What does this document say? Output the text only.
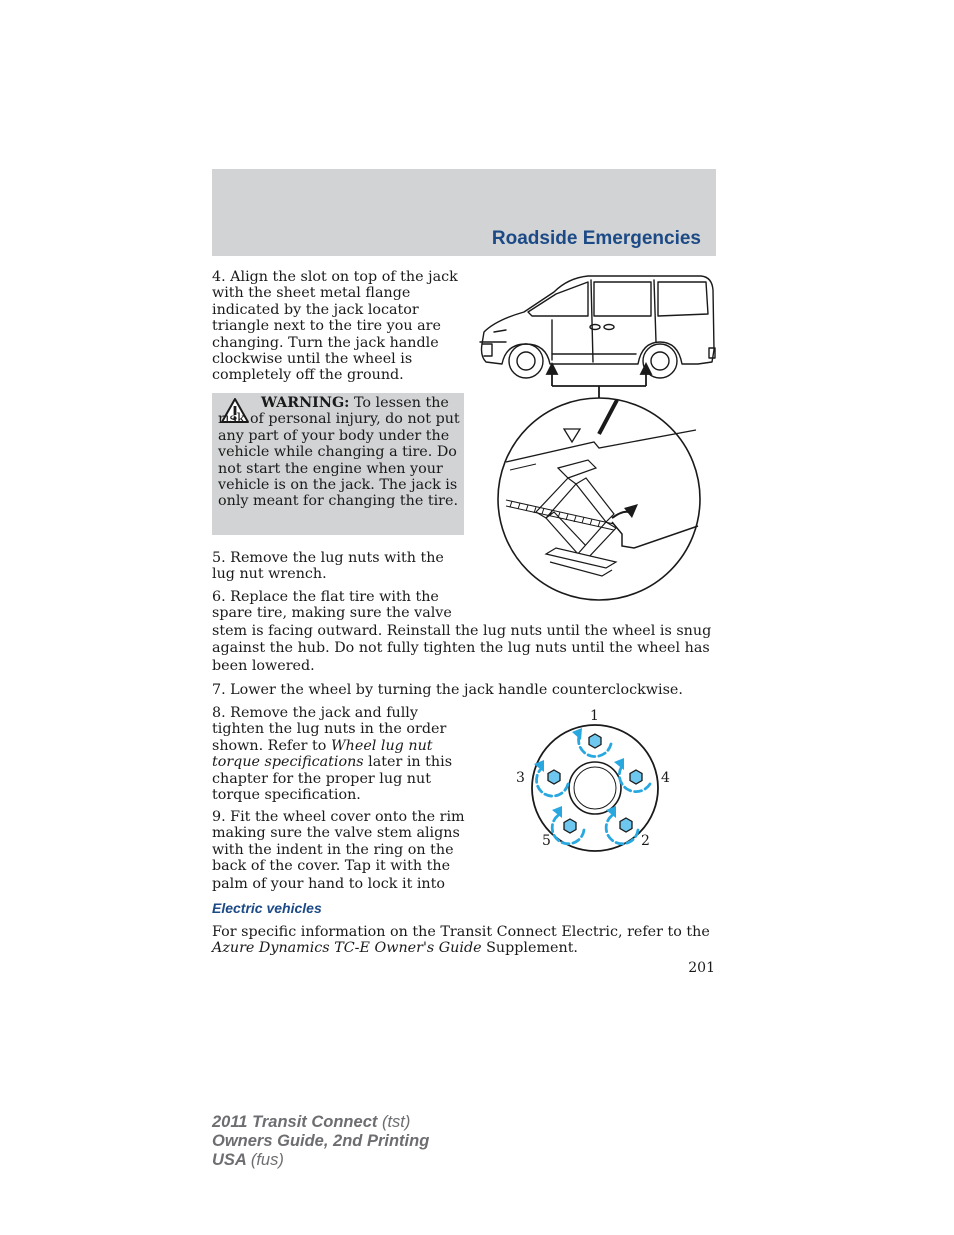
Roadside Emergencies

4. Align the slot on top of the jack with the sheet metal flange indicated by the jack locator triangle next to the tire you are changing. Turn the jack handle clockwise until the wheel is completely off the ground.

WARNING: To lessen the risk of personal injury, do not put any part of your body under the vehicle while changing a tire. Do not start the engine when your vehicle is on the jack. The jack is only meant for changing the tire.

5. Remove the lug nuts with the lug nut wrench.

6. Replace the flat tire with the spare tire, making sure the valve

stem is facing outward. Reinstall the lug nuts until the wheel is snug against the hub. Do not fully tighten the lug nuts until the wheel has been lowered.

7. Lower the wheel by turning the jack handle counterclockwise.

8. Remove the jack and fully tighten the lug nuts in the order shown. Refer to Wheel lug nut torque specifications later in this chapter for the proper lug nut torque specification.

9. Fit the wheel cover onto the rim
making sure the valve stem aligns
with the indent in the ring on the
back of the cover. Tap it with the
palm of your hand to lock it into

Electric vehicles

For specific information on the Transit Connect Electric, refer to the Azure Dynamics TC-E Owner's Guide Supplement.

201
2011 Transit Connect (tst)
Owners Guide, 2nd Printing
USA (fus)
1
2
3	4
5
